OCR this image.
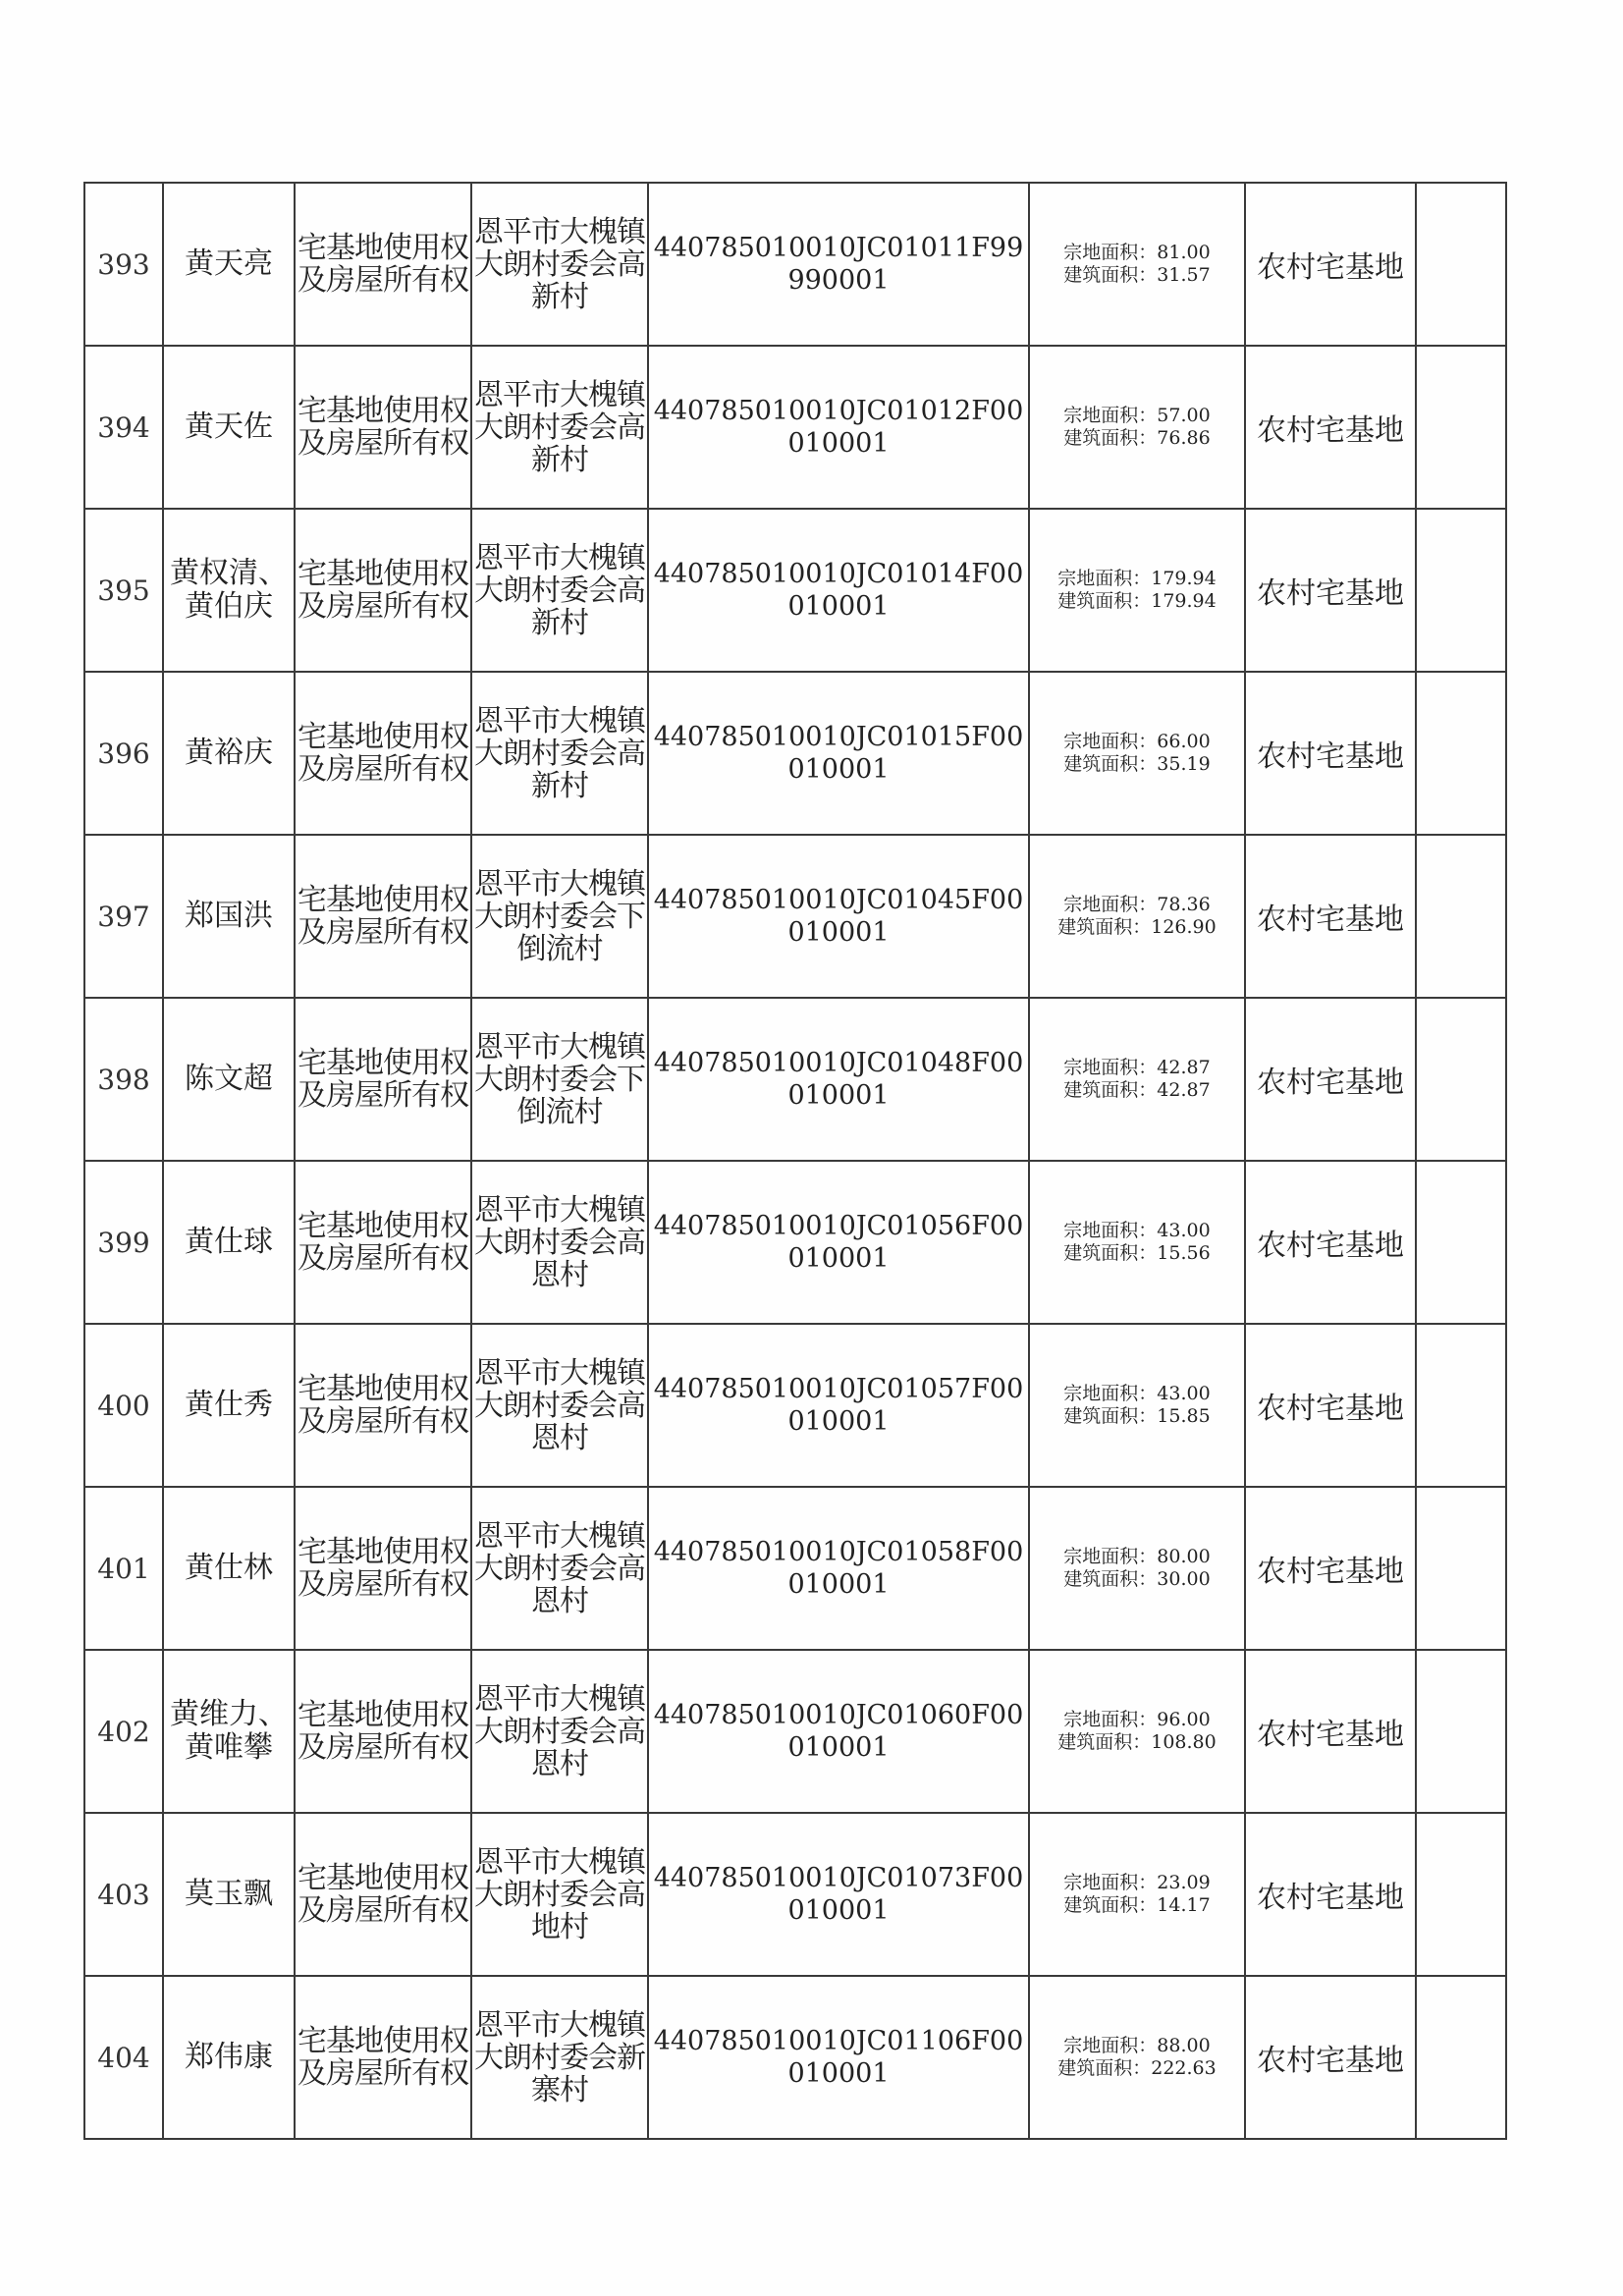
393	黄天亮	宅基地使用权及房屋所有权	恩平市大槐镇大朗村委会高新村	440785010010JC01011F99990001	宗地面积：81.00
建筑面积：31.57	农村宅基地	
394	黄天佐	宅基地使用权及房屋所有权	恩平市大槐镇大朗村委会高新村	440785010010JC01012F00010001	宗地面积：57.00
建筑面积：76.86	农村宅基地	
395	黄权清、黄伯庆	宅基地使用权及房屋所有权	恩平市大槐镇大朗村委会高新村	440785010010JC01014F00010001	宗地面积：179.94
建筑面积：179.94	农村宅基地	
396	黄裕庆	宅基地使用权及房屋所有权	恩平市大槐镇大朗村委会高新村	440785010010JC01015F00010001	宗地面积：66.00
建筑面积：35.19	农村宅基地	
397	郑国洪	宅基地使用权及房屋所有权	恩平市大槐镇大朗村委会下倒流村	440785010010JC01045F00010001	宗地面积：78.36
建筑面积：126.90	农村宅基地	
398	陈文超	宅基地使用权及房屋所有权	恩平市大槐镇大朗村委会下倒流村	440785010010JC01048F00010001	宗地面积：42.87
建筑面积：42.87	农村宅基地	
399	黄仕球	宅基地使用权及房屋所有权	恩平市大槐镇大朗村委会高恩村	440785010010JC01056F00010001	宗地面积：43.00
建筑面积：15.56	农村宅基地	
400	黄仕秀	宅基地使用权及房屋所有权	恩平市大槐镇大朗村委会高恩村	440785010010JC01057F00010001	宗地面积：43.00
建筑面积：15.85	农村宅基地	
401	黄仕林	宅基地使用权及房屋所有权	恩平市大槐镇大朗村委会高恩村	440785010010JC01058F00010001	宗地面积：80.00
建筑面积：30.00	农村宅基地	
402	黄维力、黄唯攀	宅基地使用权及房屋所有权	恩平市大槐镇大朗村委会高恩村	440785010010JC01060F00010001	宗地面积：96.00
建筑面积：108.80	农村宅基地	
403	莫玉飘	宅基地使用权及房屋所有权	恩平市大槐镇大朗村委会高地村	440785010010JC01073F00010001	宗地面积：23.09
建筑面积：14.17	农村宅基地	
404	郑伟康	宅基地使用权及房屋所有权	恩平市大槐镇大朗村委会新寨村	440785010010JC01106F00010001	宗地面积：88.00
建筑面积：222.63	农村宅基地	
